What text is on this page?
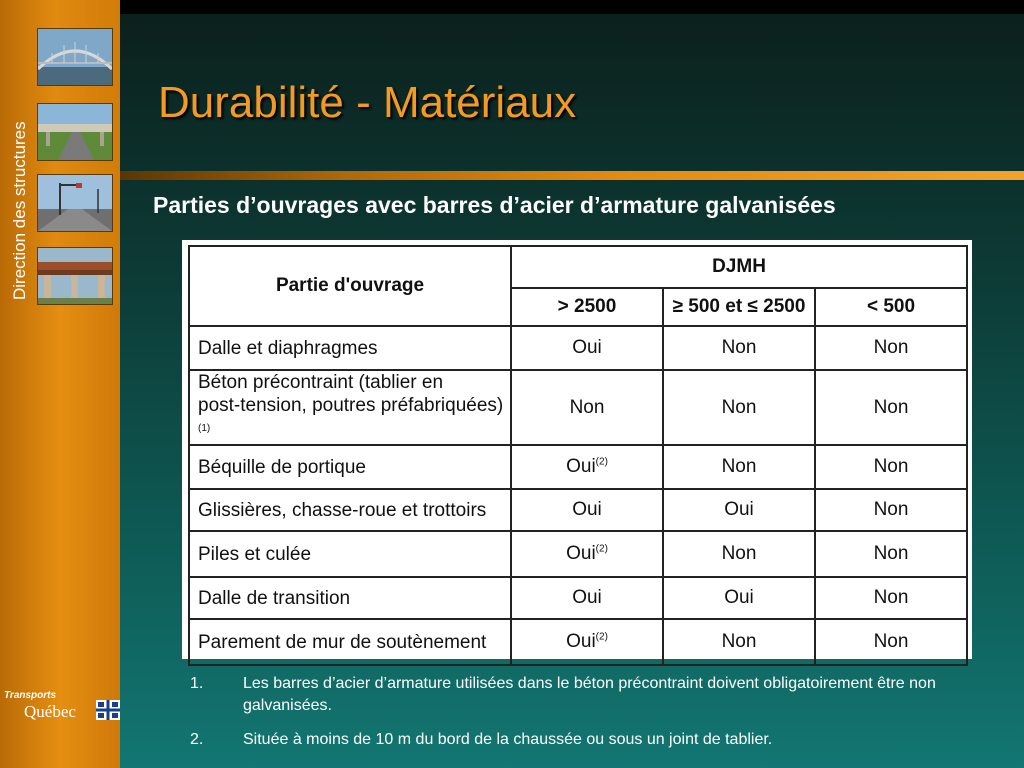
Direction des structures
Transports
Québec
Durabilité - Matériaux
Parties d’ouvrages avec barres d’acier d’armature galvanisées
Partie d'ouvrage	DJMH		
	> 2500	≥ 500 et ≤ 2500	< 500
Dalle et diaphragmes	Oui	Non	Non
Béton précontraint (tablier en
post-tension, poutres préfabriquées)$^{(1)}$	Non	Non	Non
Béquille de portique	Oui$^{(2)}$	Non	Non
Glissières, chasse-roue et trottoirs	Oui	Oui	Non
Piles et culée	Oui$^{(2)}$	Non	Non
Dalle de transition	Oui	Oui	Non
Parement de mur de soutènement	Oui$^{(2)}$	Non	Non
1. Les barres d’acier d’armature utilisées dans le béton précontraint doivent obligatoirement être non galvanisées.
2. Située à moins de 10 m du bord de la chaussée ou sous un joint de tablier.
